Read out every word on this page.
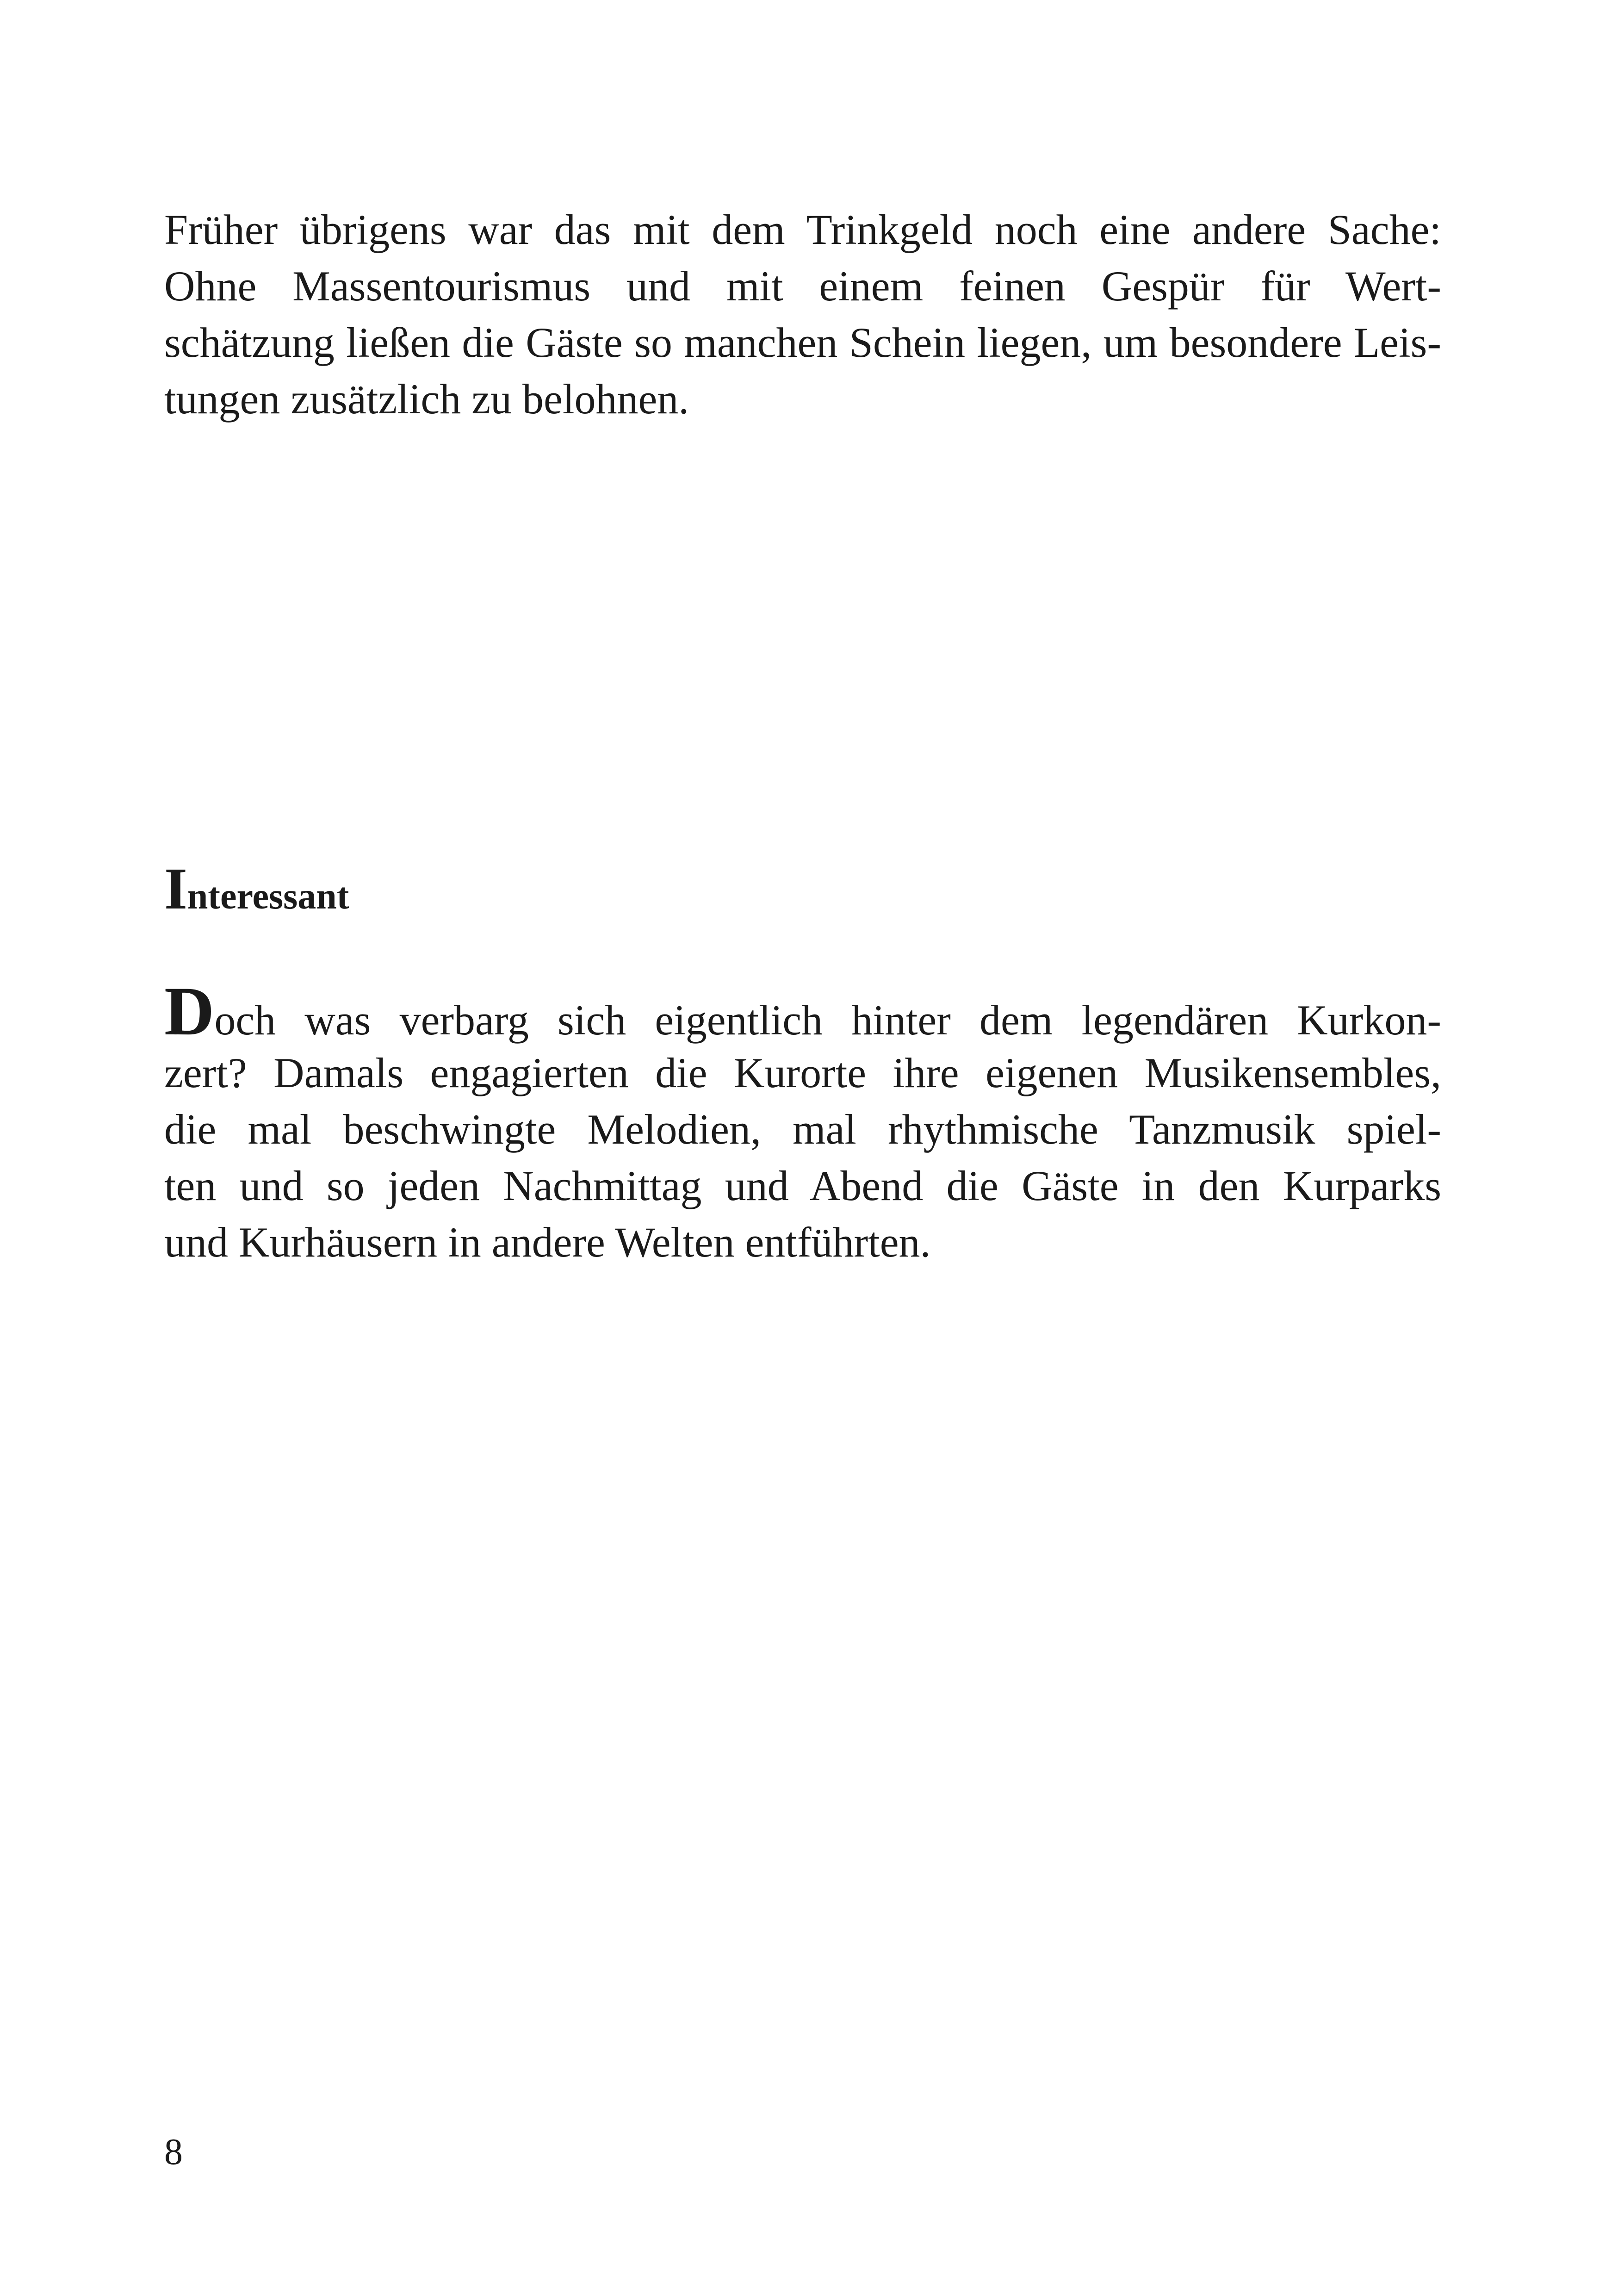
Früher übrigens war das mit dem Trinkgeld noch eine andere Sache:
Ohne Massentourismus und mit einem feinen Gespür für Wert-
schätzung ließen die Gäste so manchen Schein liegen, um besondere Leis-
tungen zusätzlich zu belohnen.
Interessant
Doch was verbarg sich eigentlich hinter dem legendären Kurkon-
zert? Damals engagierten die Kurorte ihre eigenen Musikensembles,
die mal beschwingte Melodien, mal rhythmische Tanzmusik spiel-
ten und so jeden Nachmittag und Abend die Gäste in den Kurparks
und Kurhäusern in andere Welten entführten.
8
